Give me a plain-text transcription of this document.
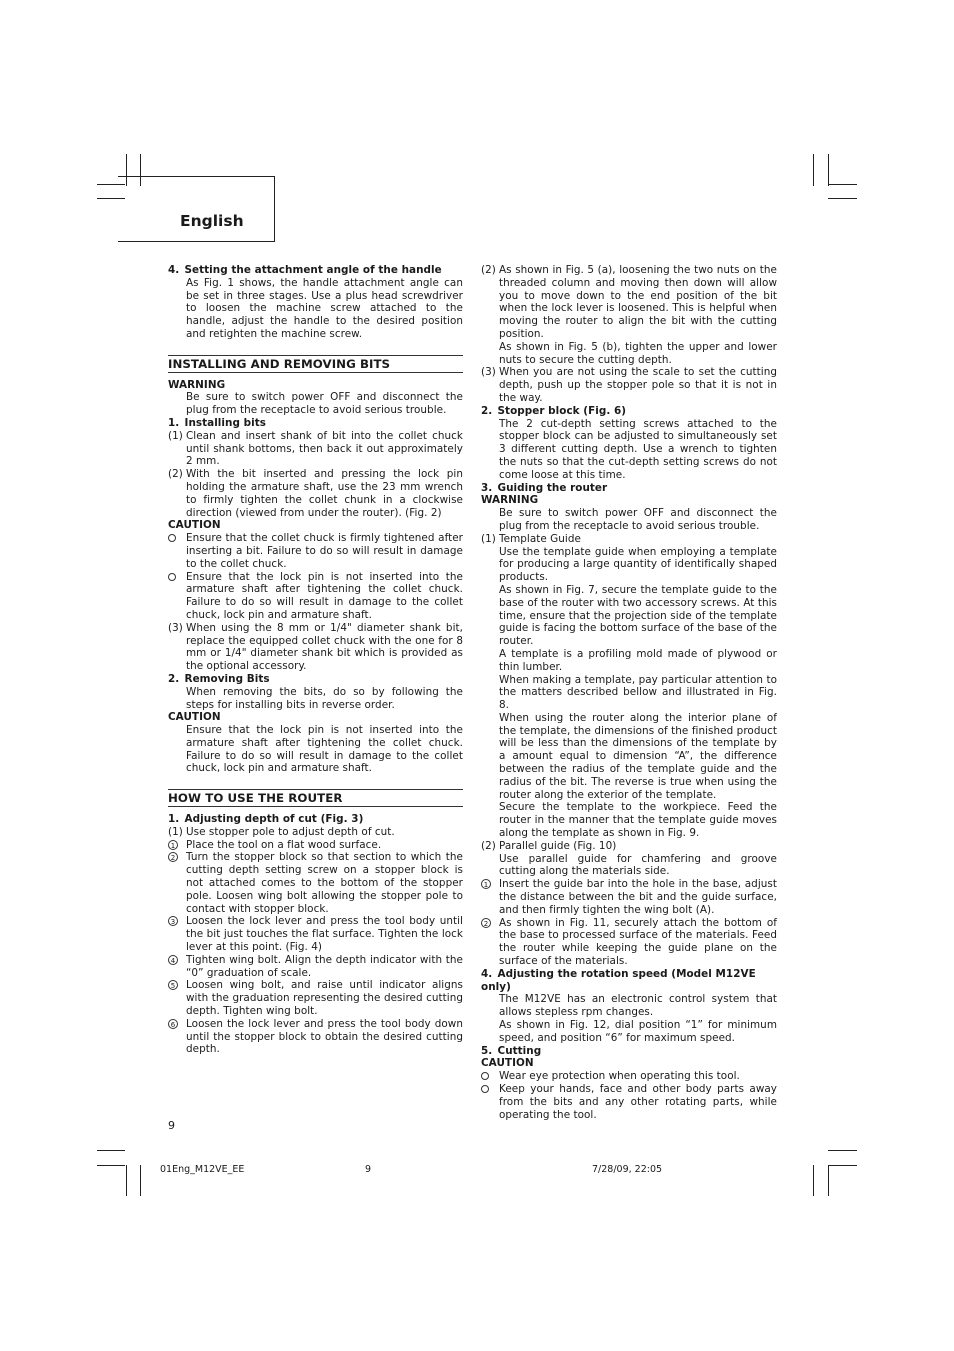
English
4. Setting the attachment angle of the handle

As Fig. 1 shows, the handle attachment angle can be set in three stages. Use a plus head screwdriver to loosen the machine screw attached to the handle, adjust the handle to the desired position and retighten the machine screw.

INSTALLING AND REMOVING BITS
WARNING

Be sure to switch power OFF and disconnect the plug from the receptacle to avoid serious trouble.

1. Installing bits
(1) Clean and insert shank of bit into the collet chuck until shank bottoms, then back it out approximately 2 mm.
(2) With the bit inserted and pressing the lock pin holding the armature shaft, use the 23 mm wrench to firmly tighten the collet chunk in a clockwise direction (viewed from under the router). (Fig. 2)
CAUTION
Ensure that the collet chuck is firmly tightened after inserting a bit. Failure to do so will result in damage to the collet chuck.
Ensure that the lock pin is not inserted into the armature shaft after tightening the collet chuck. Failure to do so will result in damage to the collet chuck, lock pin and armature shaft.
(3) When using the 8 mm or 1/4" diameter shank bit, replace the equipped collet chuck with the one for 8 mm or 1/4" diameter shank bit which is provided as the optional accessory.
2. Removing Bits

When removing the bits, do so by following the steps for installing bits in reverse order.

CAUTION

Ensure that the lock pin is not inserted into the armature shaft after tightening the collet chuck. Failure to do so will result in damage to the collet chuck, lock pin and armature shaft.

HOW TO USE THE ROUTER
1. Adjusting depth of cut (Fig. 3)
(1) Use stopper pole to adjust depth of cut.
1 Place the tool on a flat wood surface.
2 Turn the stopper block so that section to which the cutting depth setting screw on a stopper block is not attached comes to the bottom of the stopper pole. Loosen wing bolt allowing the stopper pole to contact with stopper block.
3 Loosen the lock lever and press the tool body until the bit just touches the flat surface. Tighten the lock lever at this point. (Fig. 4)
4 Tighten wing bolt. Align the depth indicator with the “0” graduation of scale.
5 Loosen wing bolt, and raise until indicator aligns with the graduation representing the desired cutting depth. Tighten wing bolt.
6 Loosen the lock lever and press the tool body down until the stopper block to obtain the desired cutting depth.
(2) As shown in Fig. 5 (a), loosening the two nuts on the threaded column and moving then down will allow you to move down to the end position of the bit when the lock lever is loosened. This is helpful when moving the router to align the bit with the cutting position.

As shown in Fig. 5 (b), tighten the upper and lower nuts to secure the cutting depth.

(3) When you are not using the scale to set the cutting depth, push up the stopper pole so that it is not in the way.
2. Stopper block (Fig. 6)

The 2 cut-depth setting screws attached to the stopper block can be adjusted to simultaneously set 3 different cutting depth. Use a wrench to tighten the nuts so that the cut-depth setting screws do not come loose at this time.

3. Guiding the router
WARNING

Be sure to switch power OFF and disconnect the plug from the receptacle to avoid serious trouble.

(1) Template Guide

Use the template guide when employing a template for producing a large quantity of identifically shaped products.

As shown in Fig. 7, secure the template guide to the base of the router with two accessory screws. At this time, ensure that the projection side of the template guide is facing the bottom surface of the base of the router.

A template is a profiling mold made of plywood or thin lumber.

When making a template, pay particular attention to the matters described bellow and illustrated in Fig. 8.

When using the router along the interior plane of the template, the dimensions of the finished product will be less than the dimensions of the template by a amount equal to dimension “A”, the difference between the radius of the template guide and the radius of the bit. The reverse is true when using the router along the exterior of the template.

Secure the template to the workpiece. Feed the router in the manner that the template guide moves along the template as shown in Fig. 9.

(2) Parallel guide (Fig. 10)

Use parallel guide for chamfering and groove cutting along the materials side.

1 Insert the guide bar into the hole in the base, adjust the distance between the bit and the guide surface, and then firmly tighten the wing bolt (A).
2 As shown in Fig. 11, securely attach the bottom of the base to processed surface of the materials. Feed the router while keeping the guide plane on the surface of the materials.
4. Adjusting the rotation speed (Model M12VE only)

The M12VE has an electronic control system that allows stepless rpm changes.

As shown in Fig. 12, dial position “1” for minimum speed, and position “6” for maximum speed.

5. Cutting
CAUTION
Wear eye protection when operating this tool.
Keep your hands, face and other body parts away from the bits and any other rotating parts, while operating the tool.
9
01Eng_M12VE_EE	9	7/28/09, 22:05
